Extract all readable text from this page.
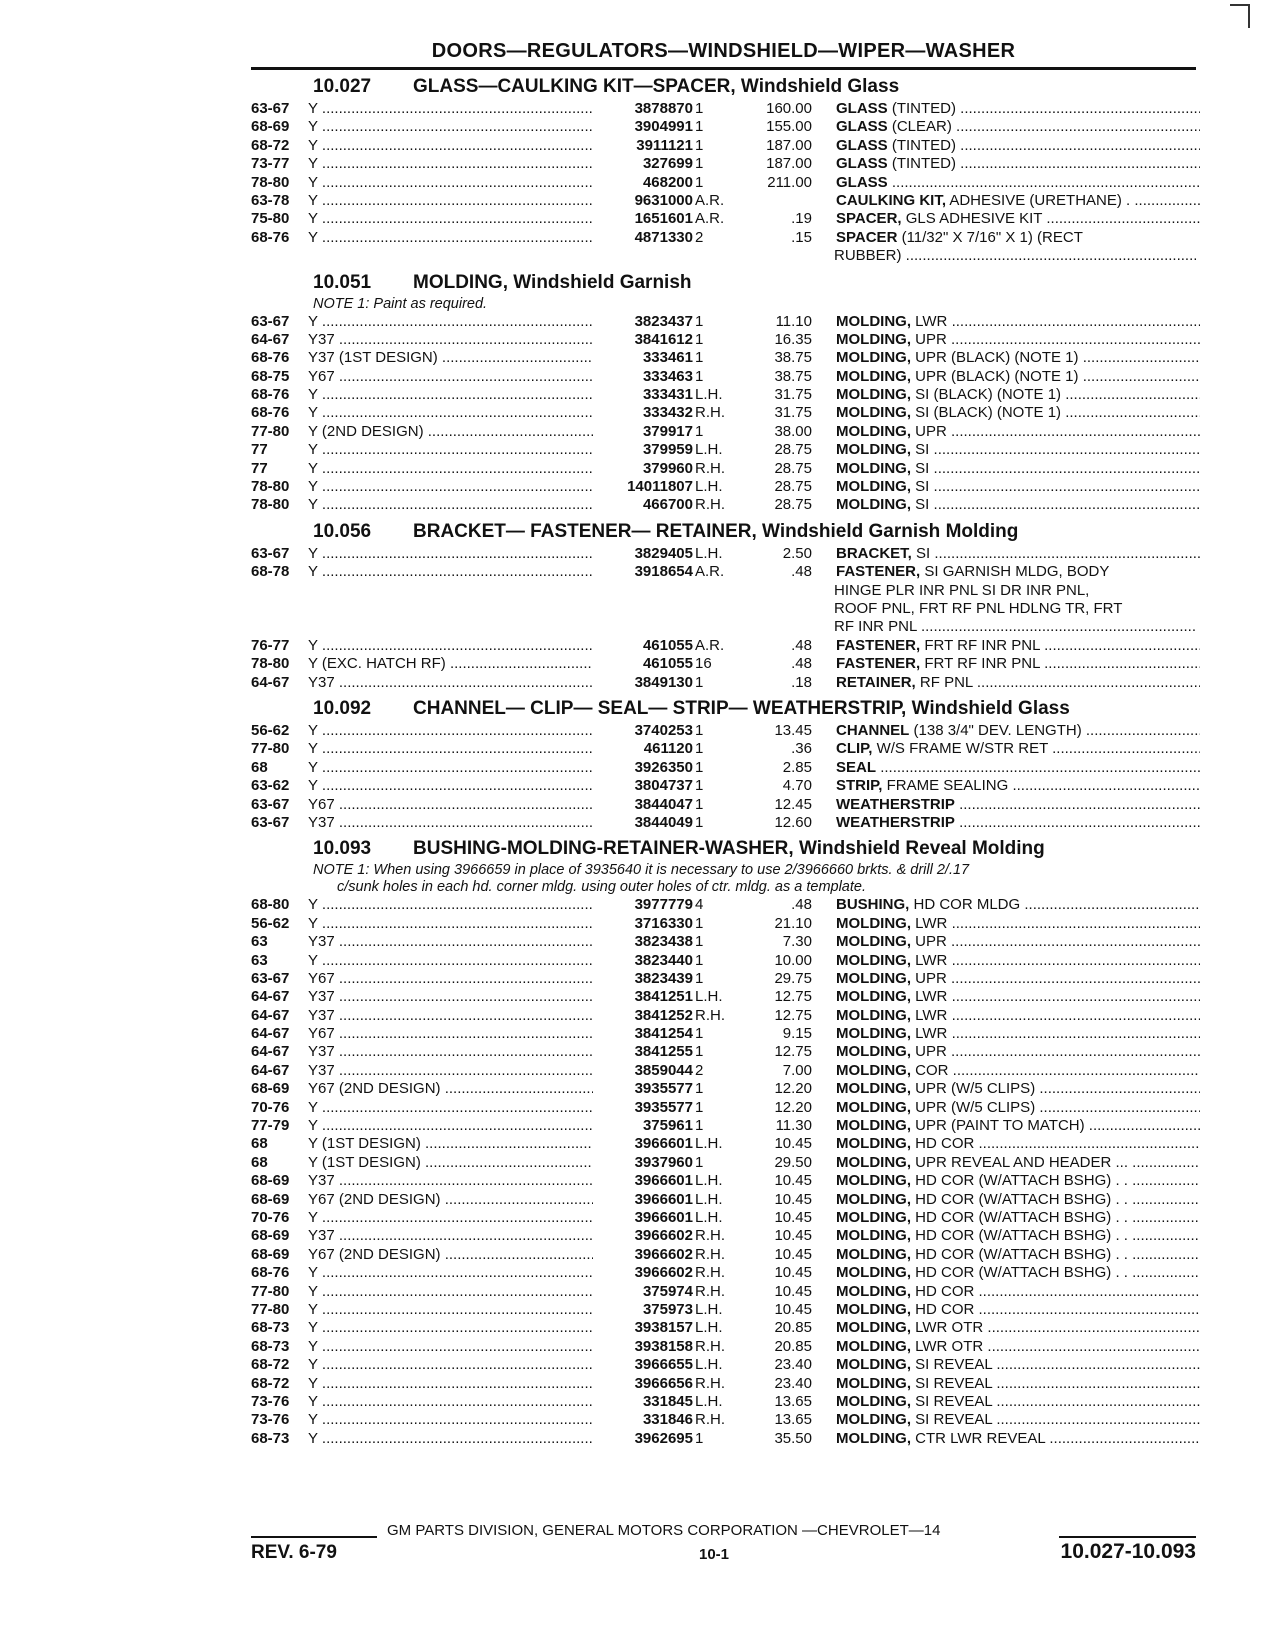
DOORS—REGULATORS—WINDSHIELD—WIPER—WASHER
10.027 GLASS—CAULKING KIT—SPACER, Windshield Glass
63-67	Y .....	3878870 1	160.00	GLASS (TINTED) .....
68-69	Y .....	3904991 1	155.00	GLASS (CLEAR) .....
68-72	Y .....	3911121 1	187.00	GLASS (TINTED) .....
73-77	Y .....	327699 1	187.00	GLASS (TINTED) .....
78-80	Y .....	468200 1	211.00	GLASS .....
63-78	Y .....	9631000 A.R.	CAULKING KIT, ADHESIVE (URETHANE) . .....
75-80	Y .....	1651601 A.R.	.19	SPACER, GLS ADHESIVE KIT .....
68-76	Y .....	4871330 2	.15	SPACER (11/32" X 7/16" X 1) (RECT
RUBBER) .....
10.051 MOLDING, Windshield Garnish
NOTE 1: Paint as required.
63-67	Y .....	3823437 1	11.10	MOLDING, LWR .....
64-67	Y37 .....	3841612 1	16.35	MOLDING, UPR .....
68-76	Y37 (1ST DESIGN) .....	333461 1	38.75	MOLDING, UPR (BLACK) (NOTE 1) .....
68-75	Y67 .....	333463 1	38.75	MOLDING, UPR (BLACK) (NOTE 1) .....
68-76	Y .....	333431 L.H.	31.75	MOLDING, SI (BLACK) (NOTE 1) .....
68-76	Y .....	333432 R.H.	31.75	MOLDING, SI (BLACK) (NOTE 1) .....
77-80	Y (2ND DESIGN) .....	379917 1	38.00	MOLDING, UPR .....
77	Y .....	379959 L.H.	28.75	MOLDING, SI .....
77	Y .....	379960 R.H.	28.75	MOLDING, SI .....
78-80	Y .....	14011807 L.H.	28.75	MOLDING, SI .....
78-80	Y .....	466700 R.H.	28.75	MOLDING, SI .....
10.056 BRACKET— FASTENER— RETAINER, Windshield Garnish Molding
63-67	Y .....	3829405 L.H.	2.50	BRACKET, SI .....
68-78	Y .....	3918654 A.R.	.48	FASTENER, SI GARNISH MLDG, BODY
HINGE PLR INR PNL SI DR INR PNL,
ROOF PNL, FRT RF PNL HDLNG TR, FRT
RF INR PNL .....
76-77	Y .....	461055 A.R.	.48	FASTENER, FRT RF INR PNL .....
78-80	Y (EXC. HATCH RF) .....	461055 16	.48	FASTENER, FRT RF INR PNL .....
64-67	Y37 .....	3849130 1	.18	RETAINER, RF PNL .....
10.092 CHANNEL— CLIP— SEAL— STRIP— WEATHERSTRIP, Windshield Glass
56-62	Y .....	3740253 1	13.45	CHANNEL (138 3/4" DEV. LENGTH) .....
77-80	Y .....	461120 1	.36	CLIP, W/S FRAME W/STR RET .....
68	Y .....	3926350 1	2.85	SEAL .....
63-62	Y .....	3804737 1	4.70	STRIP, FRAME SEALING .....
63-67	Y67 .....	3844047 1	12.45	WEATHERSTRIP .....
63-67	Y37 .....	3844049 1	12.60	WEATHERSTRIP .....
10.093 BUSHING-MOLDING-RETAINER-WASHER, Windshield Reveal Molding
NOTE 1: When using 3966659 in place of 3935640 it is necessary to use 2/3966660 brkts. & drill 2/.17
c/sunk holes in each hd. corner mldg. using outer holes of ctr. mldg. as a template.
68-80	Y .....	3977779 4	.48	BUSHING, HD COR MLDG .....
56-62	Y .....	3716330 1	21.10	MOLDING, LWR .....
63	Y37 .....	3823438 1	7.30	MOLDING, UPR .....
63	Y .....	3823440 1	10.00	MOLDING, LWR .....
63-67	Y67 .....	3823439 1	29.75	MOLDING, UPR .....
64-67	Y37 .....	3841251 L.H.	12.75	MOLDING, LWR .....
64-67	Y37 .....	3841252 R.H.	12.75	MOLDING, LWR .....
64-67	Y67 .....	3841254 1	9.15	MOLDING, LWR .....
64-67	Y37 .....	3841255 1	12.75	MOLDING, UPR .....
64-67	Y37 .....	3859044 2	7.00	MOLDING, COR .....
68-69	Y67 (2ND DESIGN) .....	3935577 1	12.20	MOLDING, UPR (W/5 CLIPS) .....
70-76	Y .....	3935577 1	12.20	MOLDING, UPR (W/5 CLIPS) .....
77-79	Y .....	375961 1	11.30	MOLDING, UPR (PAINT TO MATCH) .....
68	Y (1ST DESIGN) .....	3966601 L.H.	10.45	MOLDING, HD COR .....
68	Y (1ST DESIGN) .....	3937960 1	29.50	MOLDING, UPR REVEAL AND HEADER ... .....
68-69	Y37 .....	3966601 L.H.	10.45	MOLDING, HD COR (W/ATTACH BSHG) . . .....
68-69	Y67 (2ND DESIGN) .....	3966601 L.H.	10.45	MOLDING, HD COR (W/ATTACH BSHG) . . .....
70-76	Y .....	3966601 L.H.	10.45	MOLDING, HD COR (W/ATTACH BSHG) . . .....
68-69	Y37 .....	3966602 R.H.	10.45	MOLDING, HD COR (W/ATTACH BSHG) . . .....
68-69	Y67 (2ND DESIGN) .....	3966602 R.H.	10.45	MOLDING, HD COR (W/ATTACH BSHG) . . .....
68-76	Y .....	3966602 R.H.	10.45	MOLDING, HD COR (W/ATTACH BSHG) . . .....
77-80	Y .....	375974 R.H.	10.45	MOLDING, HD COR .....
77-80	Y .....	375973 L.H.	10.45	MOLDING, HD COR .....
68-73	Y .....	3938157 L.H.	20.85	MOLDING, LWR OTR .....
68-73	Y .....	3938158 R.H.	20.85	MOLDING, LWR OTR .....
68-72	Y .....	3966655 L.H.	23.40	MOLDING, SI REVEAL .....
68-72	Y .....	3966656 R.H.	23.40	MOLDING, SI REVEAL .....
73-76	Y .....	331845 L.H.	13.65	MOLDING, SI REVEAL .....
73-76	Y .....	331846 R.H.	13.65	MOLDING, SI REVEAL .....
68-73	Y .....	3962695 1	35.50	MOLDING, CTR LWR REVEAL .....
GM PARTS DIVISION, GENERAL MOTORS CORPORATION —CHEVROLET—14
REV. 6-79	10-1	10.027-10.093
